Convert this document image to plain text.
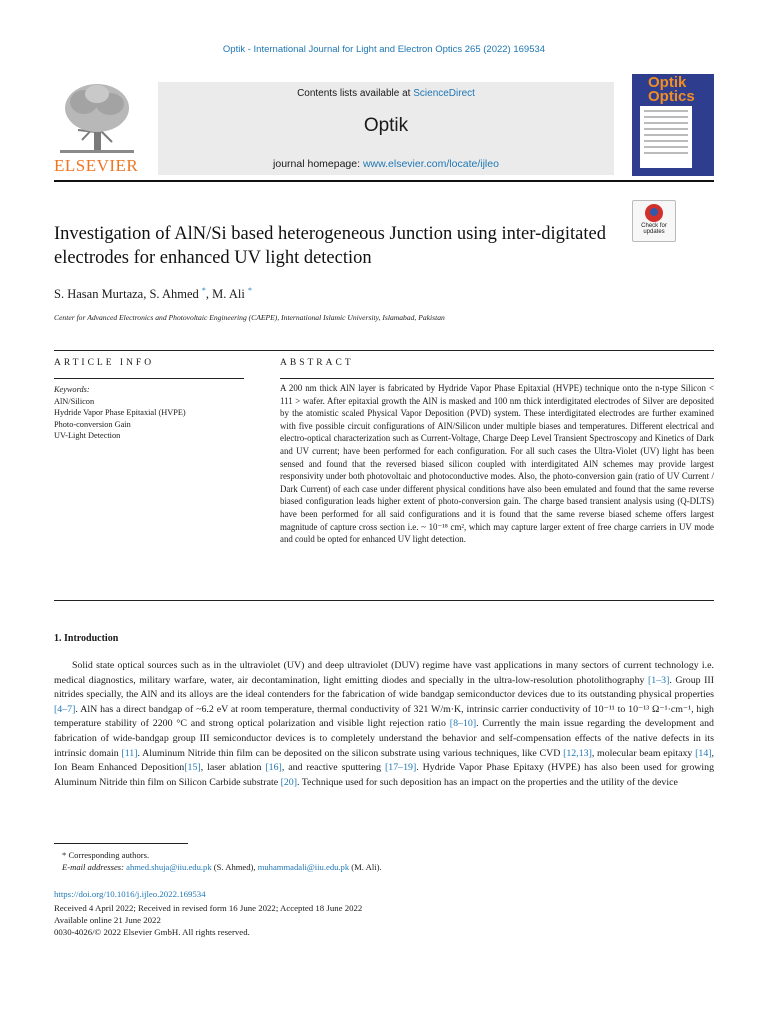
Optik - International Journal for Light and Electron Optics 265 (2022) 169534
ELSEVIER
Contents lists available at ScienceDirect
Optik
journal homepage: www.elsevier.com/locate/ijleo
Optik
Optics
Check for
updates
Investigation of AlN/Si based heterogeneous Junction using inter-digitated electrodes for enhanced UV light detection
S. Hasan Murtaza, S. Ahmed *, M. Ali *
Center for Advanced Electronics and Photovoltaic Engineering (CAEPE), International Islamic University, Islamabad, Pakistan
ARTICLE INFO	ABSTRACT
Keywords:
AlN/Silicon
Hydride Vapor Phase Epitaxial (HVPE)
Photo-conversion Gain
UV-Light Detection
A 200 nm thick AlN layer is fabricated by Hydride Vapor Phase Epitaxial (HVPE) technique onto the n-type Silicon < 111 > wafer. After epitaxial growth the AlN is masked and 100 nm thick interdigitated electrodes of Silver are deposited by the atomistic scaled Physical Vapor Deposition (PVD) system. These interdigitated electrodes are further examined with five possible circuit configurations of AlN/Silicon under multiple biases and temperatures. Different electrical and electro-optical characterization such as Current-Voltage, Charge Deep Level Transient Spectroscopy and Kinetics of Dark and UV current; have been performed for each configuration. For all such cases the Ultra-Violet (UV) light has been sensed and found that the reversed biased silicon coupled with interdigitated AlN schemes may provide largest responsivity under both photovoltaic and photoconductive modes. Also, the photo-conversion gain (ratio of UV Current / Dark Current) of each case under different physical conditions have also been emulated and found that the same reverse biased configuration leads higher extent of photo-conversion gain. The charge based transient analysis using (Q-DLTS) have been performed for all said configurations and it is found that the same reverse biased scheme offers largest magnitude of capture cross section i.e. ~ 10⁻¹⁸ cm², which may capture larger extent of free charge carriers in UV mode and could be opted for enhanced UV light detection.
1. Introduction
Solid state optical sources such as in the ultraviolet (UV) and deep ultraviolet (DUV) regime have vast applications in many sectors of current technology i.e. medical diagnostics, military warfare, water, air decontamination, light emitting diodes and specially in the ultra-low-resolution photolithography [1–3]. Group III nitrides specially, the AlN and its alloys are the ideal contenders for the fabrication of wide bandgap semiconductor devices due to its outstanding physical properties [4–7]. AlN has a direct bandgap of ~6.2 eV at room temperature, thermal conductivity of 321 W/m·K, intrinsic carrier conductivity of 10⁻¹¹ to 10⁻¹³ Ω⁻¹·cm⁻¹, high temperature stability of 2200 °C and strong optical polarization and visible light rejection ratio [8–10]. Currently the main issue regarding the development and fabrication of wide-bandgap group III semiconductor devices is to completely understand the behavior and self-compensation effects of the native defects in its intrinsic domain [11]. Aluminum Nitride thin film can be deposited on the silicon substrate using various techniques, like CVD [12,13], molecular beam epitaxy [14], Ion Beam Enhanced Deposition[15], laser ablation [16], and reactive sputtering [17–19]. Hydride Vapor Phase Epitaxy (HVPE) has also been used for growing Aluminum Nitride thin film on Silicon Carbide substrate [20]. Technique used for such deposition has an impact on the properties and the utility of the device
* Corresponding authors.
E-mail addresses: ahmed.shuja@iiu.edu.pk (S. Ahmed), muhammadali@iiu.edu.pk (M. Ali).
https://doi.org/10.1016/j.ijleo.2022.169534
Received 4 April 2022; Received in revised form 16 June 2022; Accepted 18 June 2022
Available online 21 June 2022
0030-4026/© 2022 Elsevier GmbH. All rights reserved.
